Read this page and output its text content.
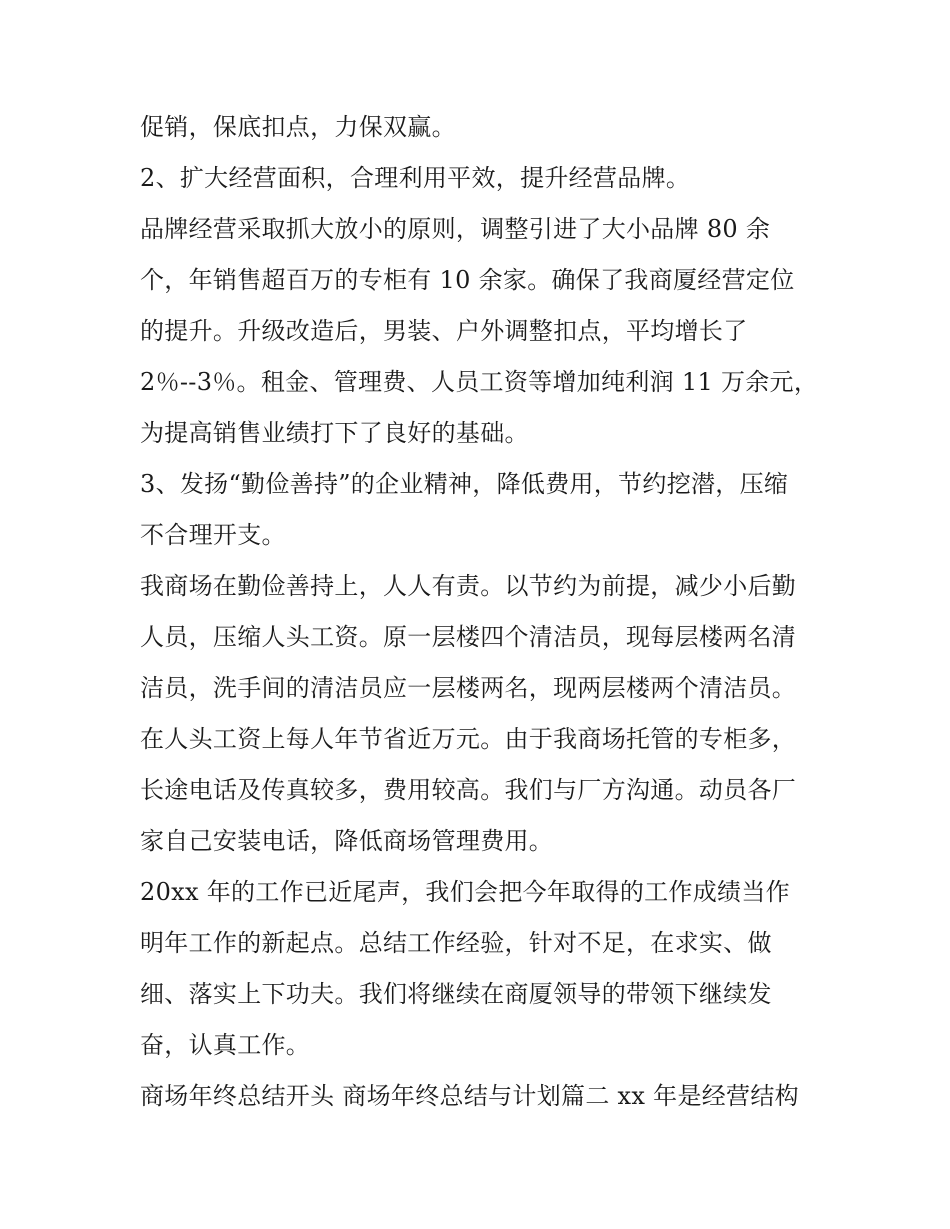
促销，保底扣点，力保双赢。

2、扩大经营面积，合理利用平效，提升经营品牌。

品牌经营采取抓大放小的原则，调整引进了大小品牌 80 余

个，年销售超百万的专柜有 10 余家。确保了我商厦经营定位

的提升。升级改造后，男装、户外调整扣点，平均增长了

2％--3％。租金、管理费、人员工资等增加纯利润 11 万余元，

为提高销售业绩打下了良好的基础。

3、发扬“勤俭善持”的企业精神，降低费用，节约挖潜，压缩

不合理开支。

我商场在勤俭善持上，人人有责。以节约为前提，减少小后勤

人员，压缩人头工资。原一层楼四个清洁员，现每层楼两名清

洁员，洗手间的清洁员应一层楼两名，现两层楼两个清洁员。

在人头工资上每人年节省近万元。由于我商场托管的专柜多，

长途电话及传真较多，费用较高。我们与厂方沟通。动员各厂

家自己安装电话，降低商场管理费用。

20xx 年的工作已近尾声，我们会把今年取得的工作成绩当作

明年工作的新起点。总结工作经验，针对不足，在求实、做

细、落实上下功夫。我们将继续在商厦领导的带领下继续发

奋，认真工作。

商场年终总结开头 商场年终总结与计划篇二 xx 年是经营结构
